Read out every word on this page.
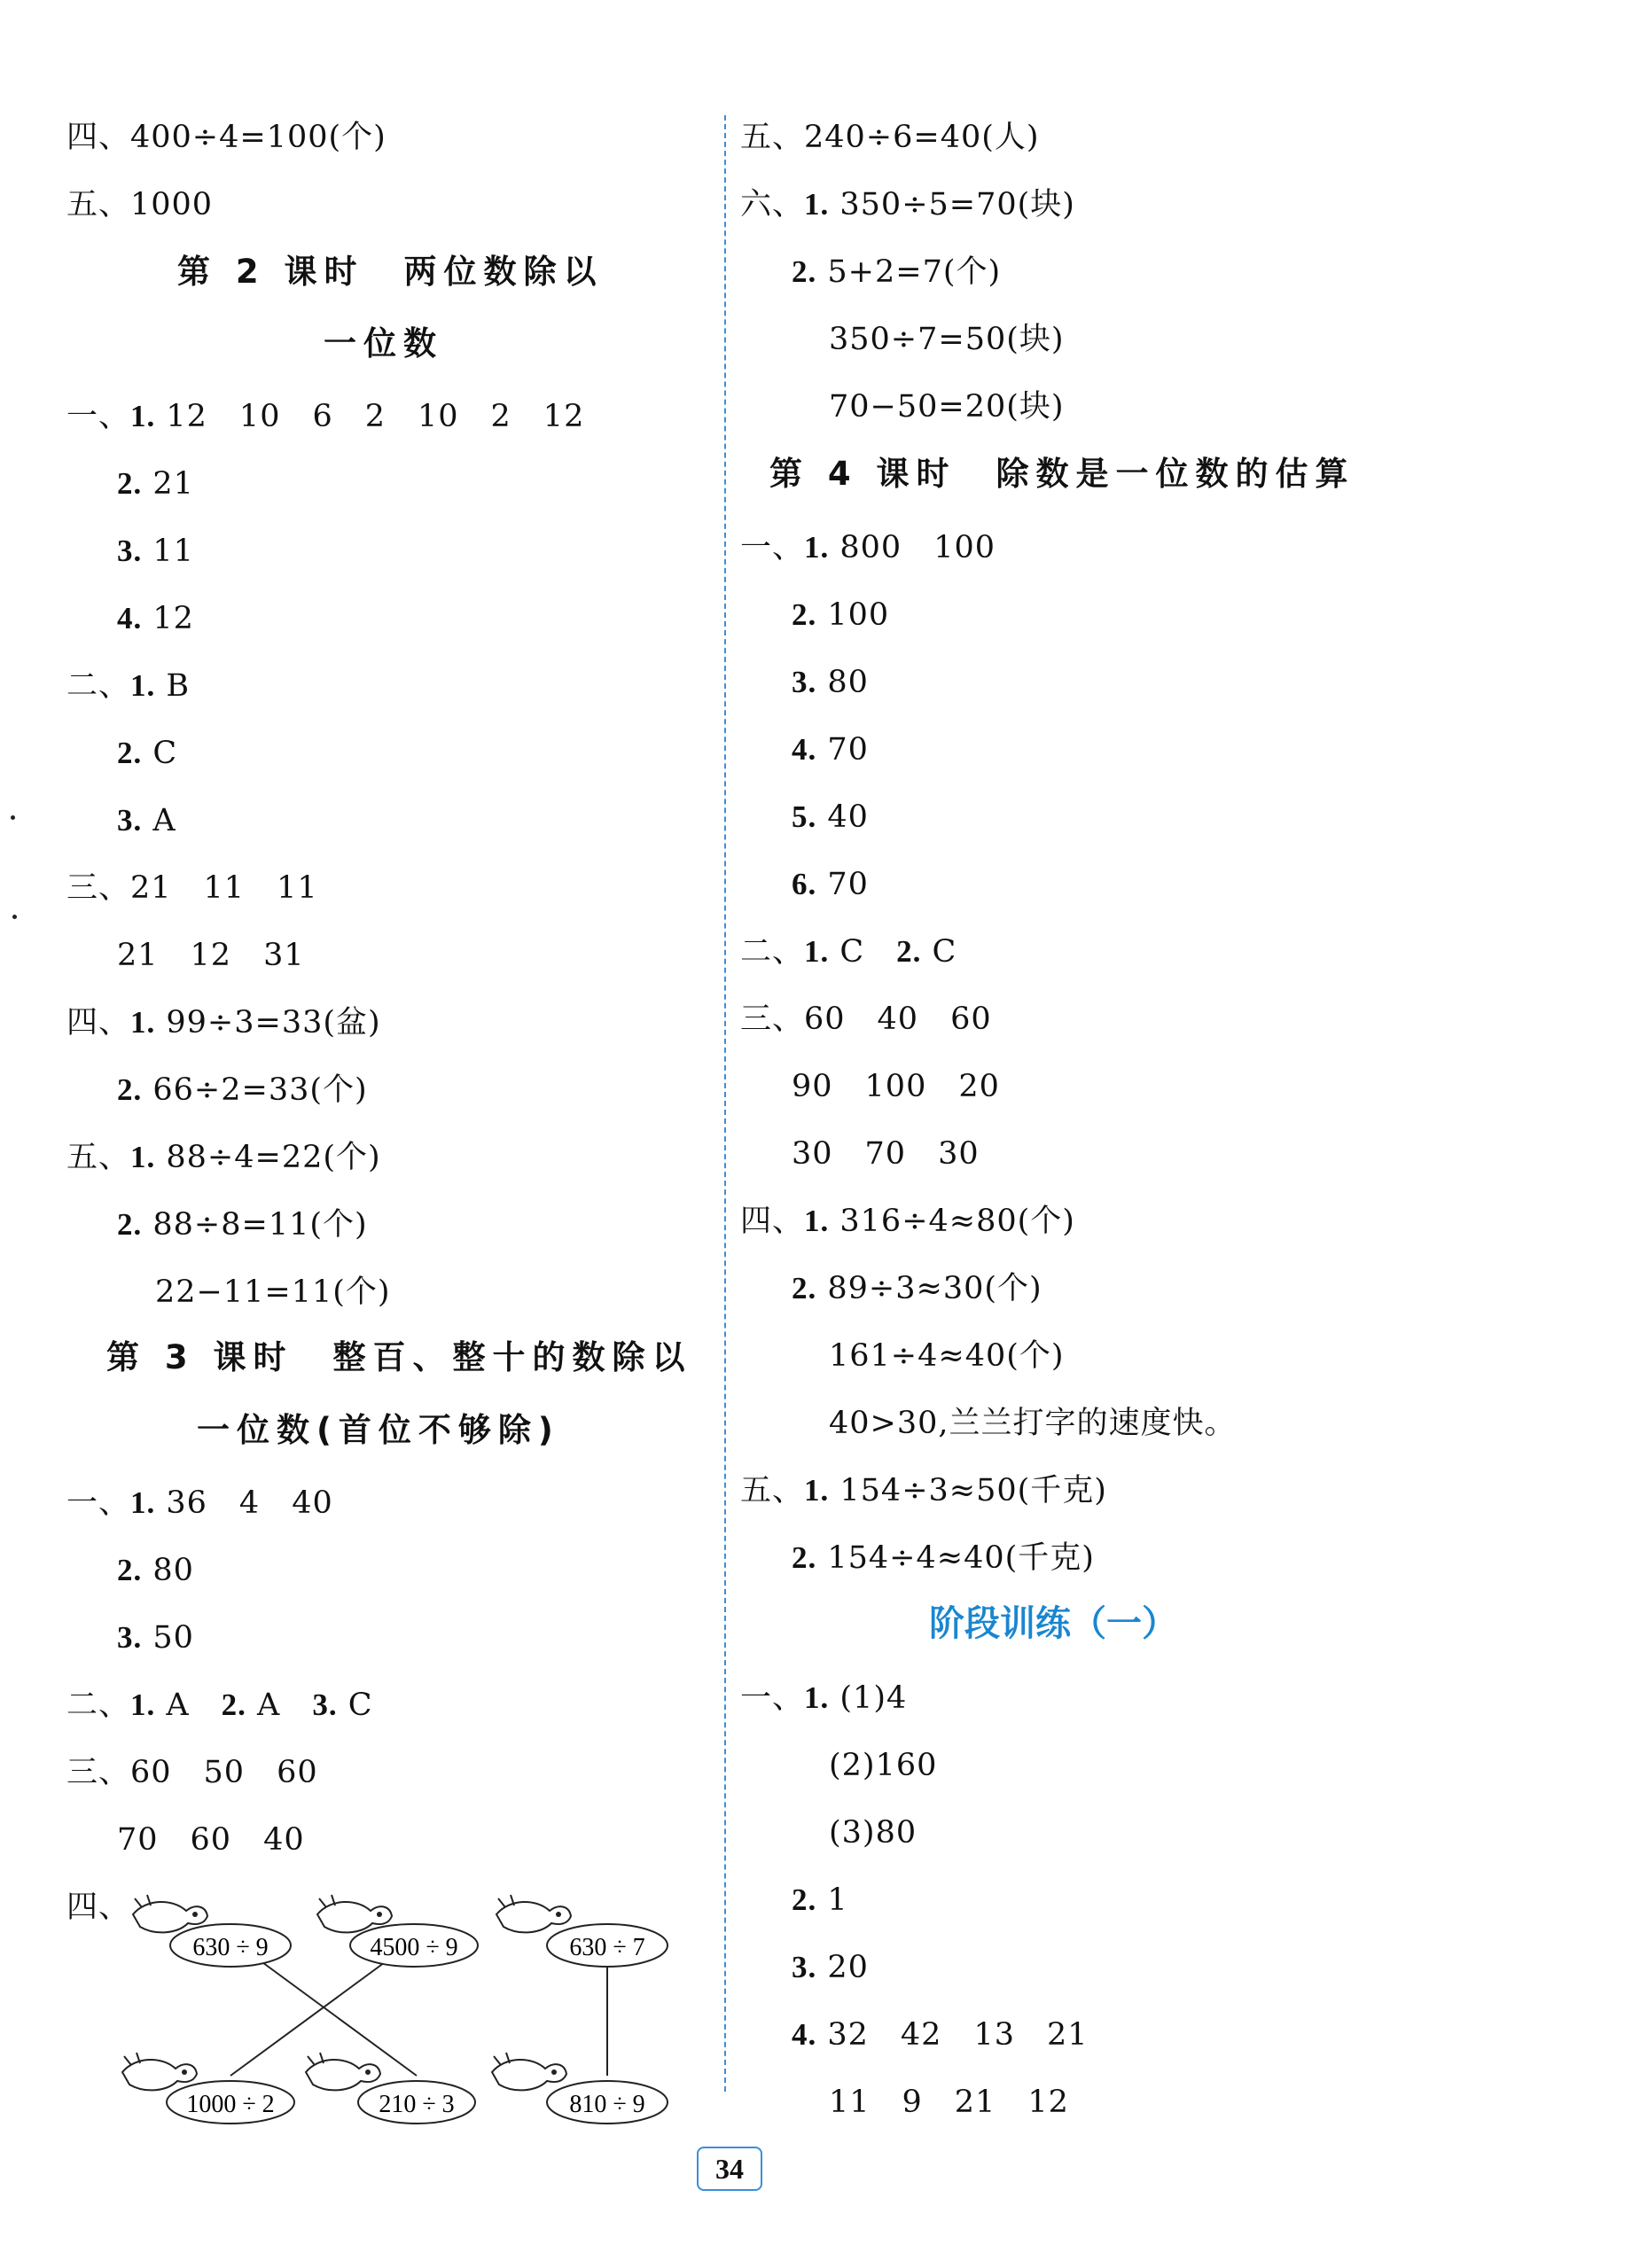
四、400÷4=100(个)
五、1000
第 2 课时　两位数除以
一位数
一、1. 12　10　6　2　10　2　12
2. 21
3. 11
4. 12
二、1. B
2. C
3. A
三、21　11　11
21　12　31
四、1. 99÷3=33(盆)
2. 66÷2=33(个)
五、1. 88÷4=22(个)
2. 88÷8=11(个)
22−11=11(个)
第 3 课时　整百、整十的数除以
一位数(首位不够除)
一、1. 36　4　40
2. 80
3. 50
二、1. A　2. A　3. C
三、60　50　60
70　60　40
四、
630 ÷ 9	4500 ÷ 9	630 ÷ 7
1000 ÷ 2	210 ÷ 3	810 ÷ 9
五、240÷6=40(人)
六、1. 350÷5=70(块)
2. 5+2=7(个)
350÷7=50(块)
70−50=20(块)
第 4 课时　除数是一位数的估算
一、1. 800　100
2. 100
3. 80
4. 70
5. 40
6. 70
二、1. C　2. C
三、60　40　60
90　100　20
30　70　30
四、1. 316÷4≈80(个)
2. 89÷3≈30(个)
161÷4≈40(个)
40>30,兰兰打字的速度快。
五、1. 154÷3≈50(千克)
2. 154÷4≈40(千克)
阶段训练（一）
一、1. (1)4
(2)160
(3)80
2. 1
3. 20
4. 32　42　13　21
11　9　21　12
34
